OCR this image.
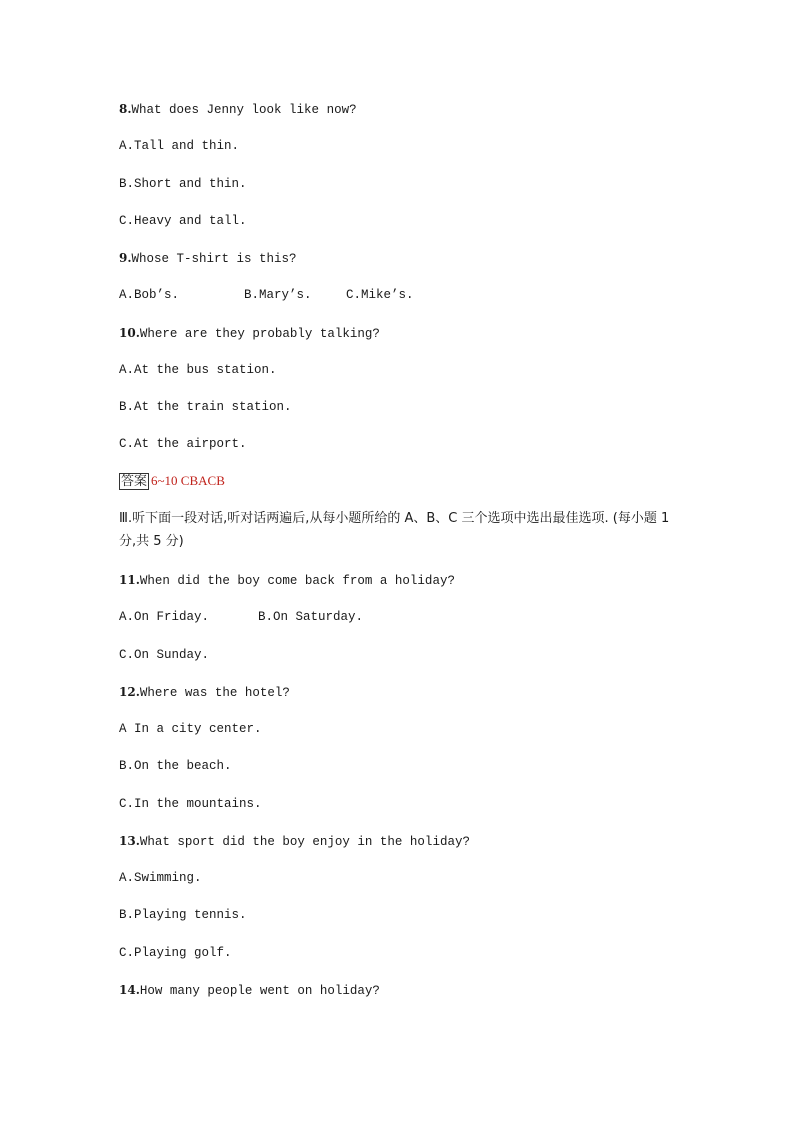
8.What does Jenny look like now?
A.Tall and thin.
B.Short and thin.
C.Heavy and tall.
9.Whose T-shirt is this?
A.Bob’s.	B.Mary’s.	C.Mike’s.
10.Where are they probably talking?
A.At the bus station.
B.At the train station.
C.At the airport.
答案 6~10 CBACB
Ⅲ.听下面一段对话,听对话两遍后,从每小题所给的 A、B、C 三个选项中选出最佳选项. (每小题 1 分,共 5 分)
11.When did the boy come back from a holiday?
A.On Friday.	B.On Saturday.
C.On Sunday.
12.Where was the hotel?
A In a city center.
B.On the beach.
C.In the mountains.
13.What sport did the boy enjoy in the holiday?
A.Swimming.
B.Playing tennis.
C.Playing golf.
14.How many people went on holiday?
